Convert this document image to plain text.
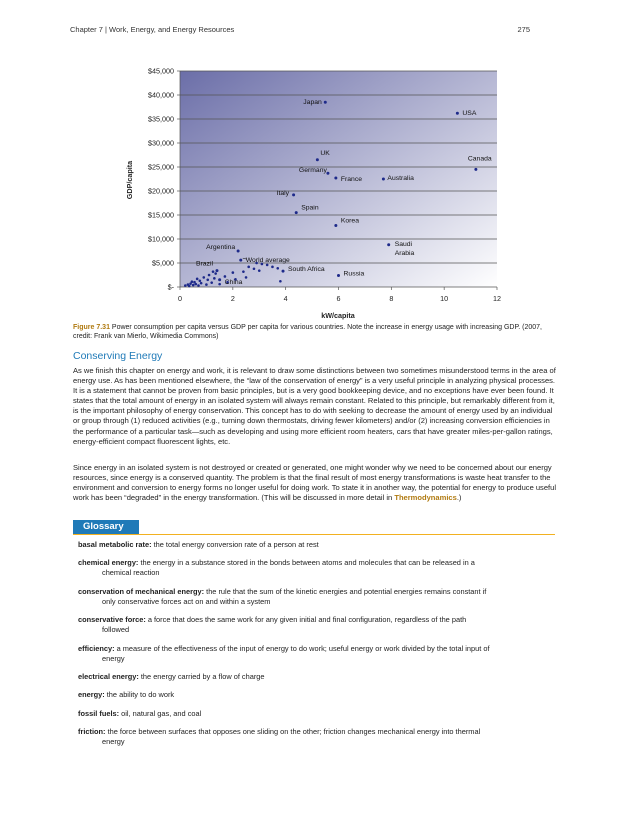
Chapter 7 | Work, Energy, and Energy Resources	275
$-
$5,000
$10,000
$15,000
$20,000
$25,000
$30,000
$35,000
$40,000
$45,000
0	2	4	6	8	10	12
Japan
USA
UK
Canada
Germany
France	Australia
Italy
Spain
Korea
Saudi
Arabia
Argentina
World average
Brazil
South Africa
Russia
China
kW/capita
GDP/capita
Figure 7.31 Power consumption per capita versus GDP per capita for various countries. Note the increase in energy usage with increasing GDP. (2007, credit: Frank van Mierlo, Wikimedia Commons)
Conserving Energy
As we finish this chapter on energy and work, it is relevant to draw some distinctions between two sometimes misunderstood terms in the area of energy use. As has been mentioned elsewhere, the “law of the conservation of energy” is a very useful principle in analyzing physical processes. It is a statement that cannot be proven from basic principles, but is a very good bookkeeping device, and no exceptions have ever been found. It states that the total amount of energy in an isolated system will always remain constant. Related to this principle, but remarkably different from it, is the important philosophy of energy conservation. This concept has to do with seeking to decrease the amount of energy used by an individual or group through (1) reduced activities (e.g., turning down thermostats, driving fewer kilometers) and/or (2) increasing conversion efficiencies in the performance of a particular task—such as developing and using more efficient room heaters, cars that have greater miles-per-gallon ratings, energy-efficient compact fluorescent lights, etc.
Since energy in an isolated system is not destroyed or created or generated, one might wonder why we need to be concerned about our energy resources, since energy is a conserved quantity. The problem is that the final result of most energy transformations is waste heat transfer to the environment and conversion to energy forms no longer useful for doing work. To state it in another way, the potential for energy to produce useful work has been “degraded” in the energy transformation. (This will be discussed in more detail in Thermodynamics.)
Glossary
basal metabolic rate: the total energy conversion rate of a person at rest
chemical energy: the energy in a substance stored in the bonds between atoms and molecules that can be released in a
chemical reaction
conservation of mechanical energy: the rule that the sum of the kinetic energies and potential energies remains constant if
only conservative forces act on and within a system
conservative force: a force that does the same work for any given initial and final configuration, regardless of the path
followed
efficiency: a measure of the effectiveness of the input of energy to do work; useful energy or work divided by the total input of
energy
electrical energy: the energy carried by a flow of charge
energy: the ability to do work
fossil fuels: oil, natural gas, and coal
friction: the force between surfaces that opposes one sliding on the other; friction changes mechanical energy into thermal
energy
